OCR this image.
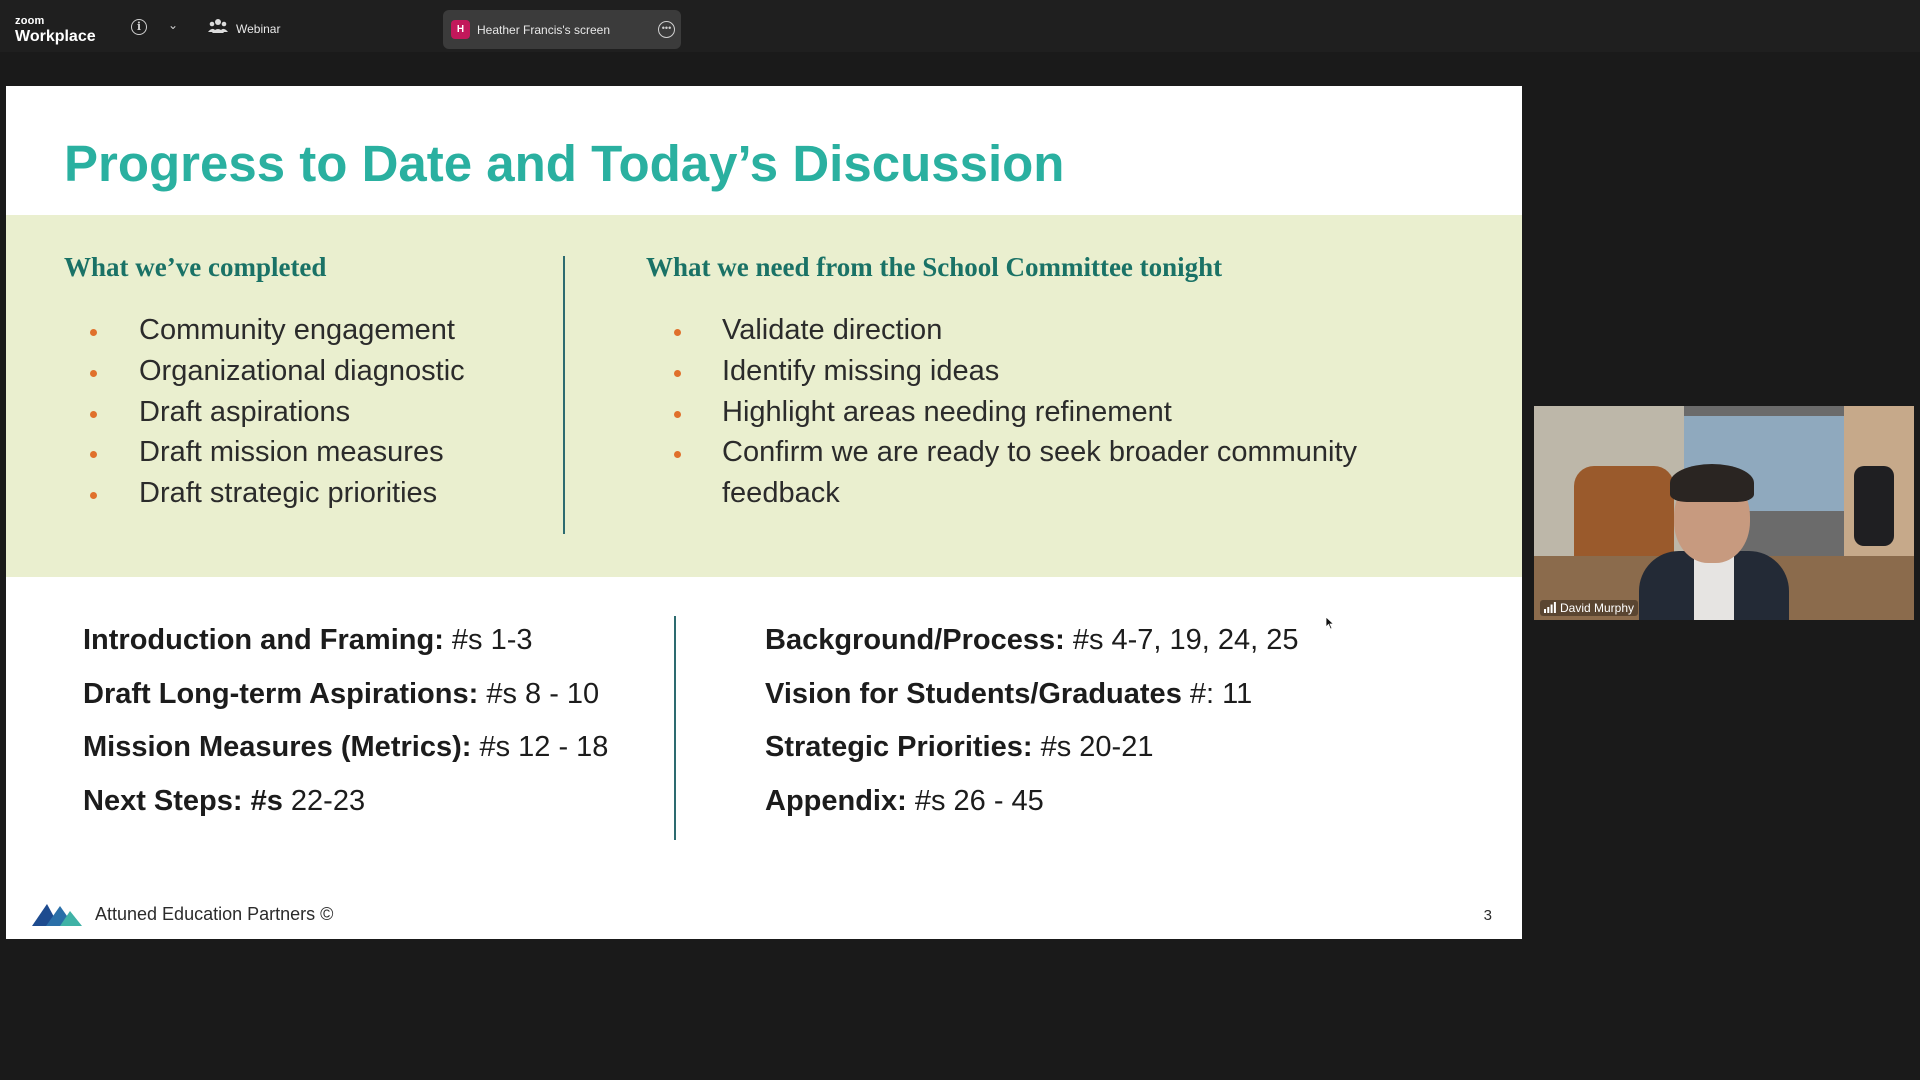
zoom
Workplace
i	⌄	Webinar	H	Heather Francis's screen	•••
Progress to Date and Today’s Discussion
What we’ve completed
Community engagement
Organizational diagnostic
Draft aspirations
Draft mission measures
Draft strategic priorities
What we need from the School Committee tonight
Validate direction
Identify missing ideas
Highlight areas needing refinement
Confirm we are ready to seek broader community
feedback
Introduction and Framing: #s 1-3
Draft Long-term Aspirations: #s 8 - 10
Mission Measures (Metrics): #s 12 - 18
Next Steps: #s 22-23
Background/Process: #s 4-7, 19, 24, 25
Vision for Students/Graduates #: 11
Strategic Priorities: #s 20-21
Appendix: #s 26 - 45
Attuned Education Partners ©	3
David Murphy
